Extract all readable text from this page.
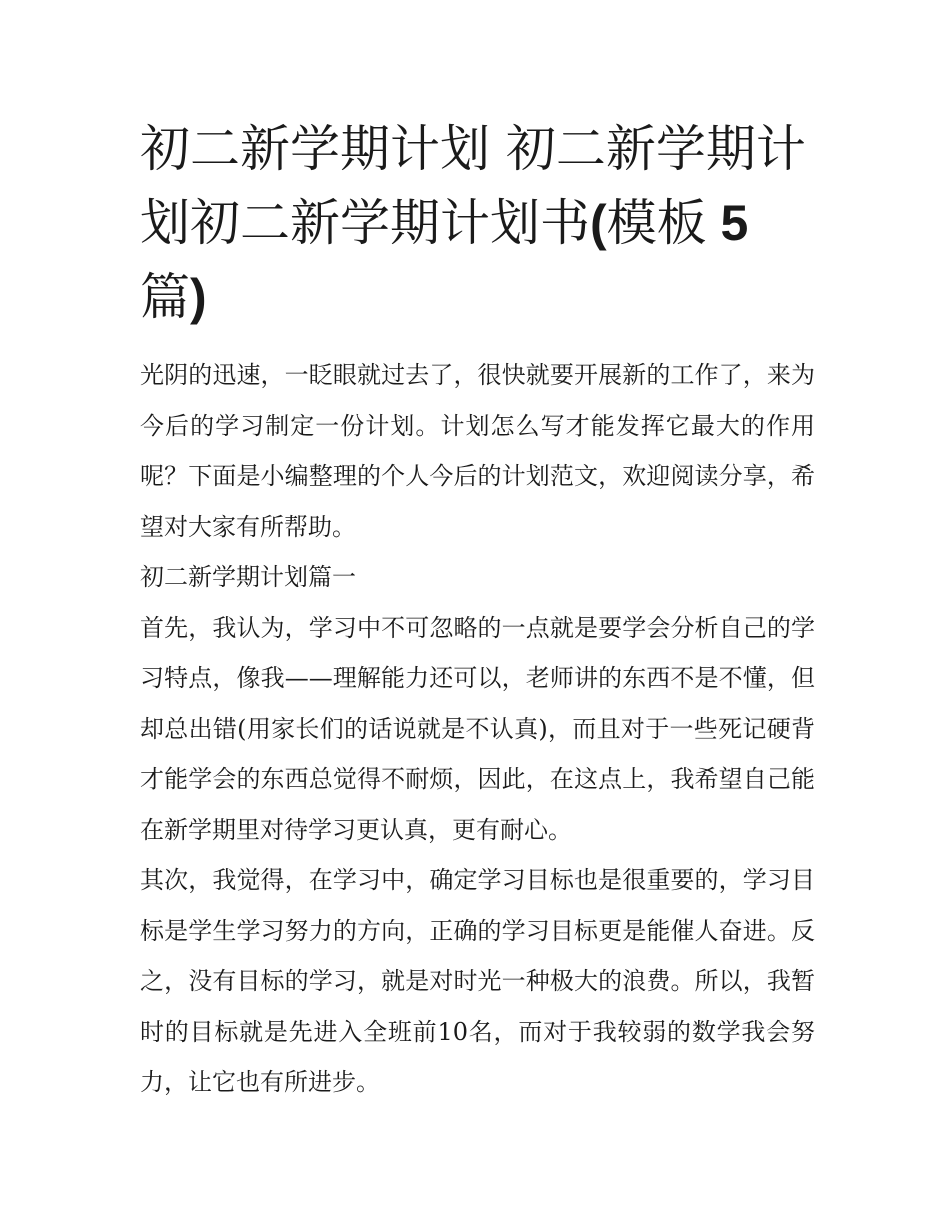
初二新学期计划 初二新学期计划初二新学期计划书(模板 5 篇)

光阴的迅速，一眨眼就过去了，很快就要开展新的工作了，来为今后的学习制定一份计划。计划怎么写才能发挥它最大的作用呢？下面是小编整理的个人今后的计划范文，欢迎阅读分享，希望对大家有所帮助。

初二新学期计划篇一

首先，我认为，学习中不可忽略的一点就是要学会分析自己的学习特点，像我——理解能力还可以，老师讲的东西不是不懂，但却总出错(用家长们的话说就是不认真)，而且对于一些死记硬背才能学会的东西总觉得不耐烦，因此，在这点上，我希望自己能在新学期里对待学习更认真，更有耐心。

其次，我觉得，在学习中，确定学习目标也是很重要的，学习目标是学生学习努力的方向，正确的学习目标更是能催人奋进。反之，没有目标的学习，就是对时光一种极大的浪费。所以，我暂时的目标就是先进入全班前10名，而对于我较弱的数学我会努力，让它也有所进步。
